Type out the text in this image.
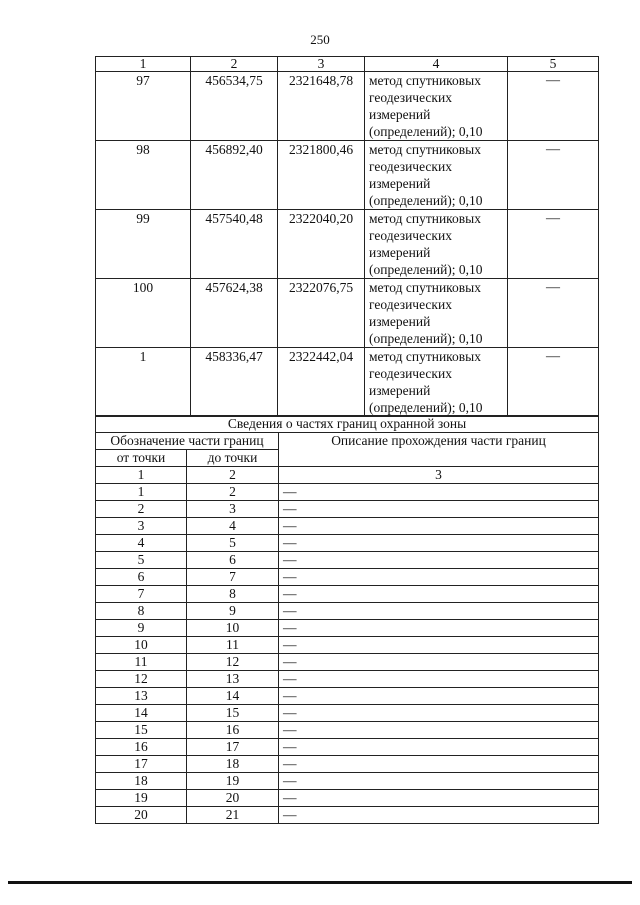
250
1	2	3	4	5
97	456534,75	2321648,78	метод спутниковых
геодезических
измерений
(определений); 0,10	—
98	456892,40	2321800,46	метод спутниковых
геодезических
измерений
(определений); 0,10	—
99	457540,48	2322040,20	метод спутниковых
геодезических
измерений
(определений); 0,10	—
100	457624,38	2322076,75	метод спутниковых
геодезических
измерений
(определений); 0,10	—
1	458336,47	2322442,04	метод спутниковых
геодезических
измерений
(определений); 0,10	—
Сведения о частях границ охранной зоны		
Обозначение части границ		Описание прохождения части границ
от точки	до точки	
1	2	3
1	2	—
2	3	—
3	4	—
4	5	—
5	6	—
6	7	—
7	8	—
8	9	—
9	10	—
10	11	—
11	12	—
12	13	—
13	14	—
14	15	—
15	16	—
16	17	—
17	18	—
18	19	—
19	20	—
20	21	—
